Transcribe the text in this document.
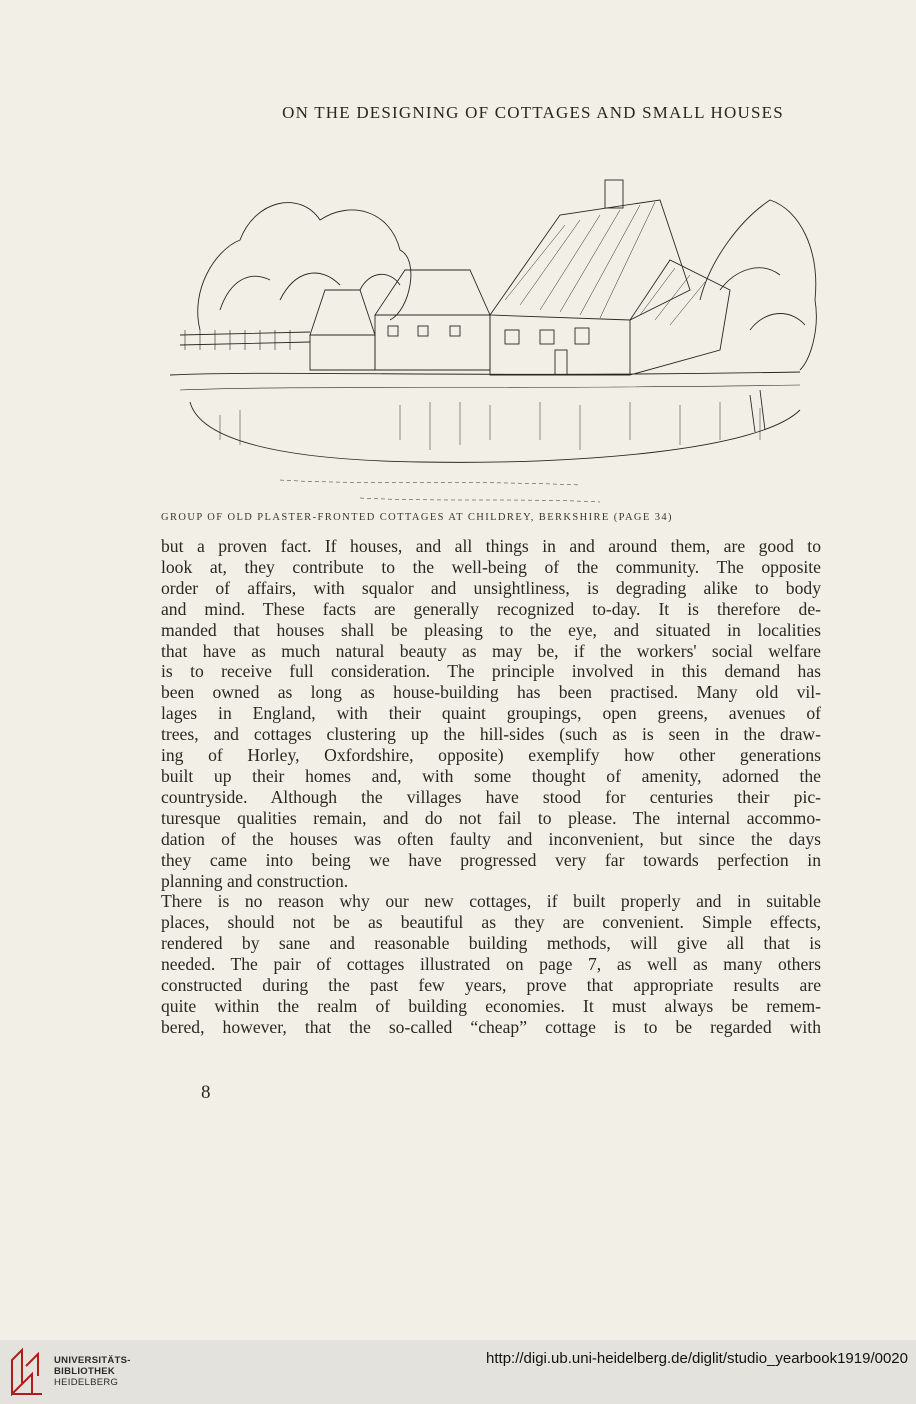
ON THE DESIGNING OF COTTAGES AND SMALL HOUSES
GROUP OF OLD PLASTER-FRONTED COTTAGES AT CHILDREY, BERKSHIRE (PAGE 34)

but a proven fact. If houses, and all things in and around them, are good to

look at, they contribute to the well-being of the community. The opposite

order of affairs, with squalor and unsightliness, is degrading alike to body

and mind. These facts are generally recognized to-day. It is therefore de-

manded that houses shall be pleasing to the eye, and situated in localities

that have as much natural beauty as may be, if the workers' social welfare

is to receive full consideration. The principle involved in this demand has

been owned as long as house-building has been practised. Many old vil-

lages in England, with their quaint groupings, open greens, avenues of

trees, and cottages clustering up the hill-sides (such as is seen in the draw-

ing of Horley, Oxfordshire, opposite) exemplify how other generations

built up their homes and, with some thought of amenity, adorned the

countryside. Although the villages have stood for centuries their pic-

turesque qualities remain, and do not fail to please. The internal accommo-

dation of the houses was often faulty and inconvenient, but since the days

they came into being we have progressed very far towards perfection in

planning and construction.

There is no reason why our new cottages, if built properly and in suitable

places, should not be as beautiful as they are convenient. Simple effects,

rendered by sane and reasonable building methods, will give all that is

needed. The pair of cottages illustrated on page 7, as well as many others

constructed during the past few years, prove that appropriate results are

quite within the realm of building economies. It must always be remem-

bered, however, that the so-called “cheap” cottage is to be regarded with

8
UNIVERSITÄTS-
BIBLIOTHEK
HEIDELBERG
http://digi.ub.uni-heidelberg.de/diglit/studio_yearbook1919/0020
